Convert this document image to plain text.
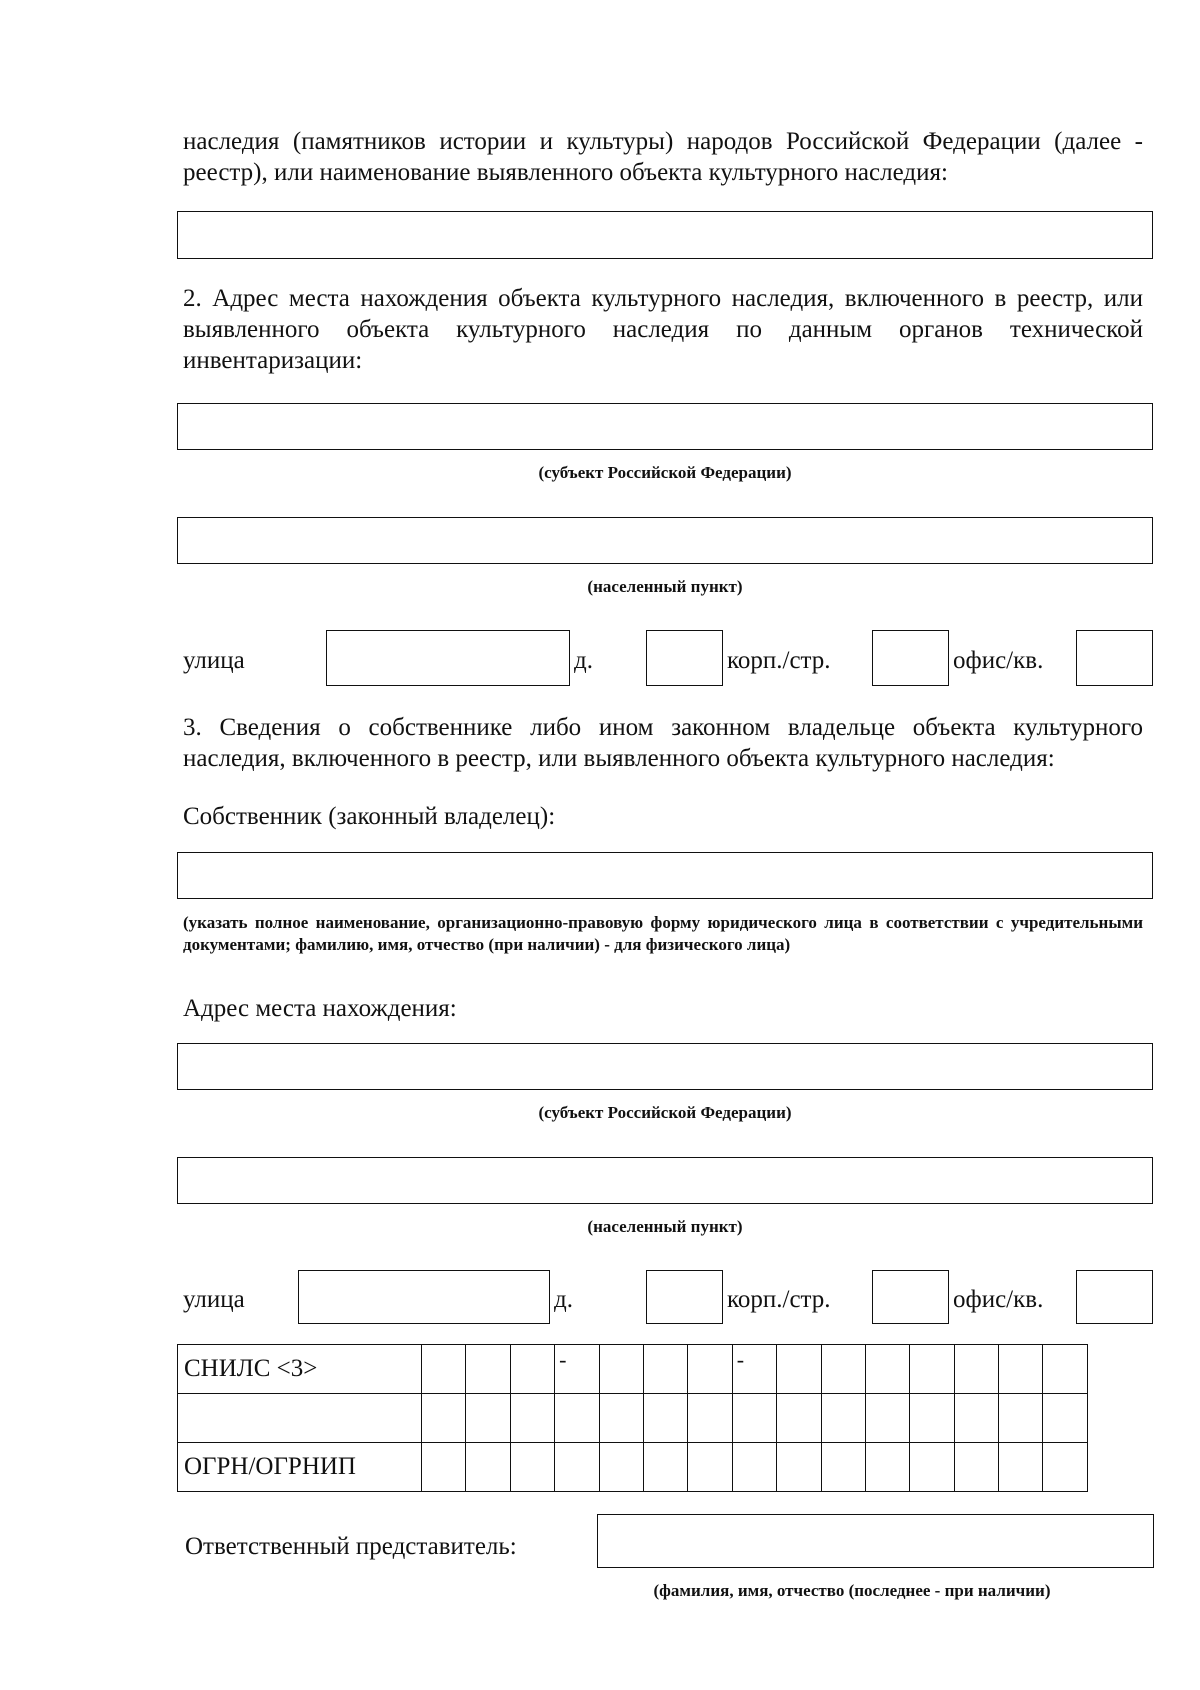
наследия (памятников истории и культуры) народов Российской Федерации (далее -
реестр), или наименование выявленного объекта культурного наследия:
2. Адрес места нахождения объекта культурного наследия, включенного в реестр, или выявленного объекта культурного наследия по данным органов технической инвентаризации:
(субъект Российской Федерации)
(населенный пункт)
улица	д.	корп./стр.	офис/кв.
3. Сведения о собственнике либо ином законном владельце объекта культурного наследия, включенного в реестр, или выявленного объекта культурного наследия:
Собственник (законный владелец):
(указать полное наименование, организационно-правовую форму юридического лица в соответствии с учредительными документами; фамилию, имя, отчество (при наличии) - для физического лица)
Адрес места нахождения:
(субъект Российской Федерации)
(населенный пункт)
улица	д.	корп./стр.	офис/кв.
СНИЛС <3>				-				-							

ОГРН/ОГРНИП															
Ответственный представитель:
(фамилия, имя, отчество (последнее - при наличии)
